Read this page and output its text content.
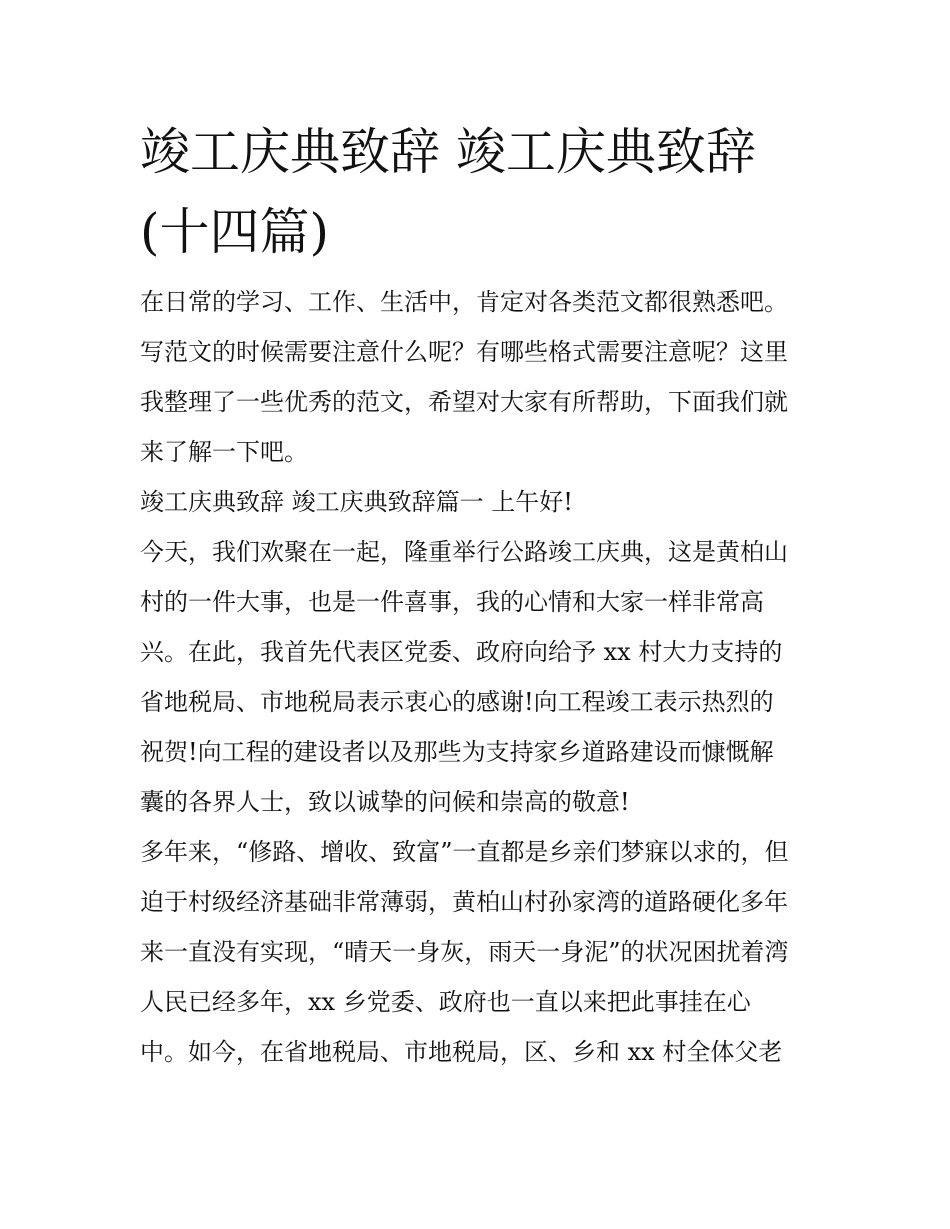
竣工庆典致辞 竣工庆典致辞
(十四篇)

在日常的学习、工作、生活中，肯定对各类范文都很熟悉吧。

写范文的时候需要注意什么呢？有哪些格式需要注意呢？这里

我整理了一些优秀的范文，希望对大家有所帮助，下面我们就

来了解一下吧。

竣工庆典致辞 竣工庆典致辞篇一 上午好!

今天，我们欢聚在一起，隆重举行公路竣工庆典，这是黄柏山

村的一件大事，也是一件喜事，我的心情和大家一样非常高

兴。在此，我首先代表区党委、政府向给予 xx 村大力支持的

省地税局、市地税局表示衷心的感谢!向工程竣工表示热烈的

祝贺!向工程的建设者以及那些为支持家乡道路建设而慷慨解

囊的各界人士，致以诚挚的问候和崇高的敬意!

多年来，“修路、增收、致富”一直都是乡亲们梦寐以求的，但

迫于村级经济基础非常薄弱，黄柏山村孙家湾的道路硬化多年

来一直没有实现，“晴天一身灰，雨天一身泥”的状况困扰着湾

人民已经多年，xx 乡党委、政府也一直以来把此事挂在心

中。如今，在省地税局、市地税局，区、乡和 xx 村全体父老
